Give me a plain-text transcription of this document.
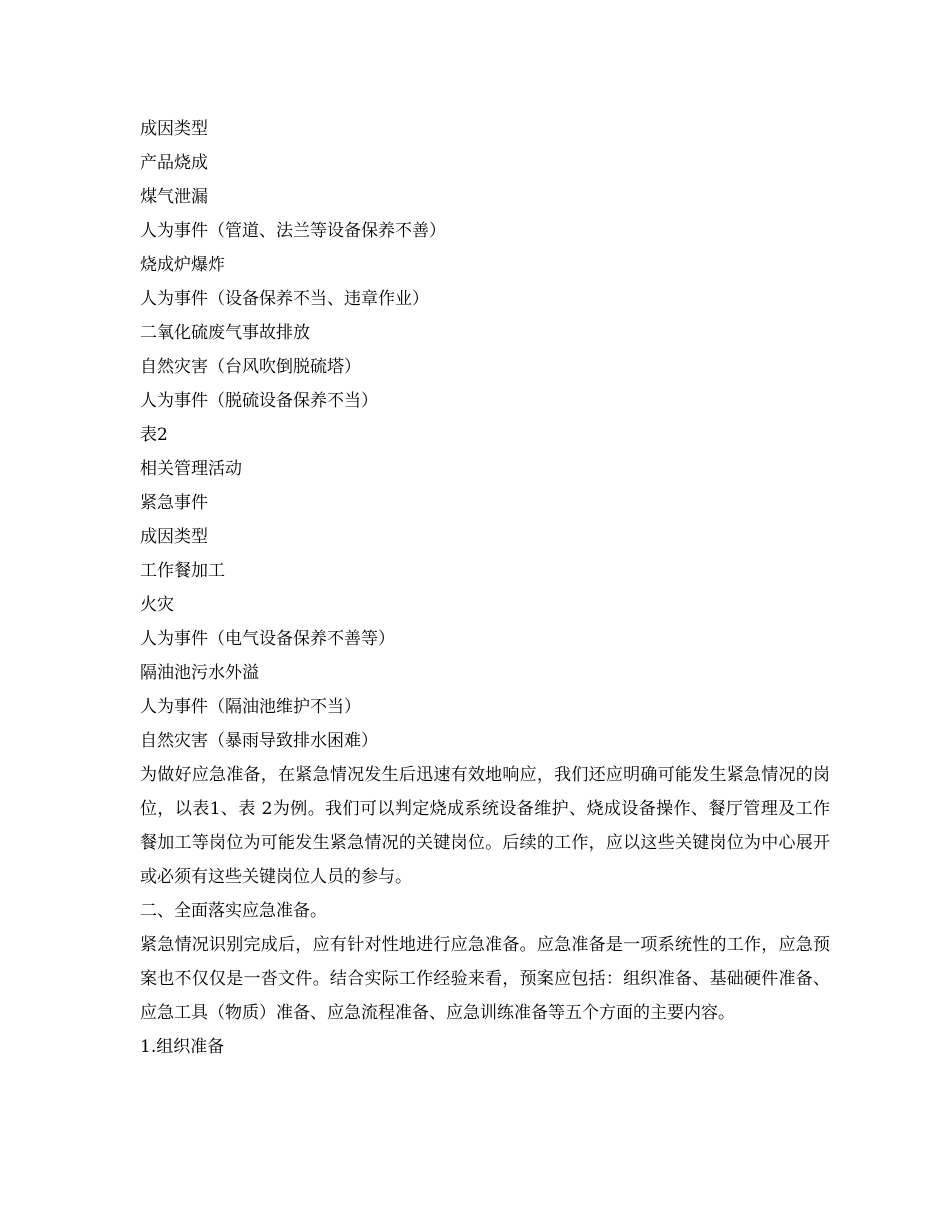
成因类型
产品烧成
煤气泄漏
人为事件（管道、法兰等设备保养不善）
烧成炉爆炸
人为事件（设备保养不当、违章作业）
二氧化硫废气事故排放
自然灾害（台风吹倒脱硫塔）
人为事件（脱硫设备保养不当）
表2
相关管理活动
紧急事件
成因类型
工作餐加工
火灾
人为事件（电气设备保养不善等）
隔油池污水外溢
人为事件（隔油池维护不当）
自然灾害（暴雨导致排水困难）

为做好应急准备，在紧急情况发生后迅速有效地响应，我们还应明确可能发生紧急情况的岗位，以表1、表 2为例。我们可以判定烧成系统设备维护、烧成设备操作、餐厅管理及工作餐加工等岗位为可能发生紧急情况的关键岗位。后续的工作，应以这些关键岗位为中心展开或必须有这些关键岗位人员的参与。

二、全面落实应急准备。

紧急情况识别完成后，应有针对性地进行应急准备。应急准备是一项系统性的工作，应急预案也不仅仅是一沓文件。结合实际工作经验来看，预案应包括：组织准备、基础硬件准备、应急工具（物质）准备、应急流程准备、应急训练准备等五个方面的主要内容。

1.组织准备
